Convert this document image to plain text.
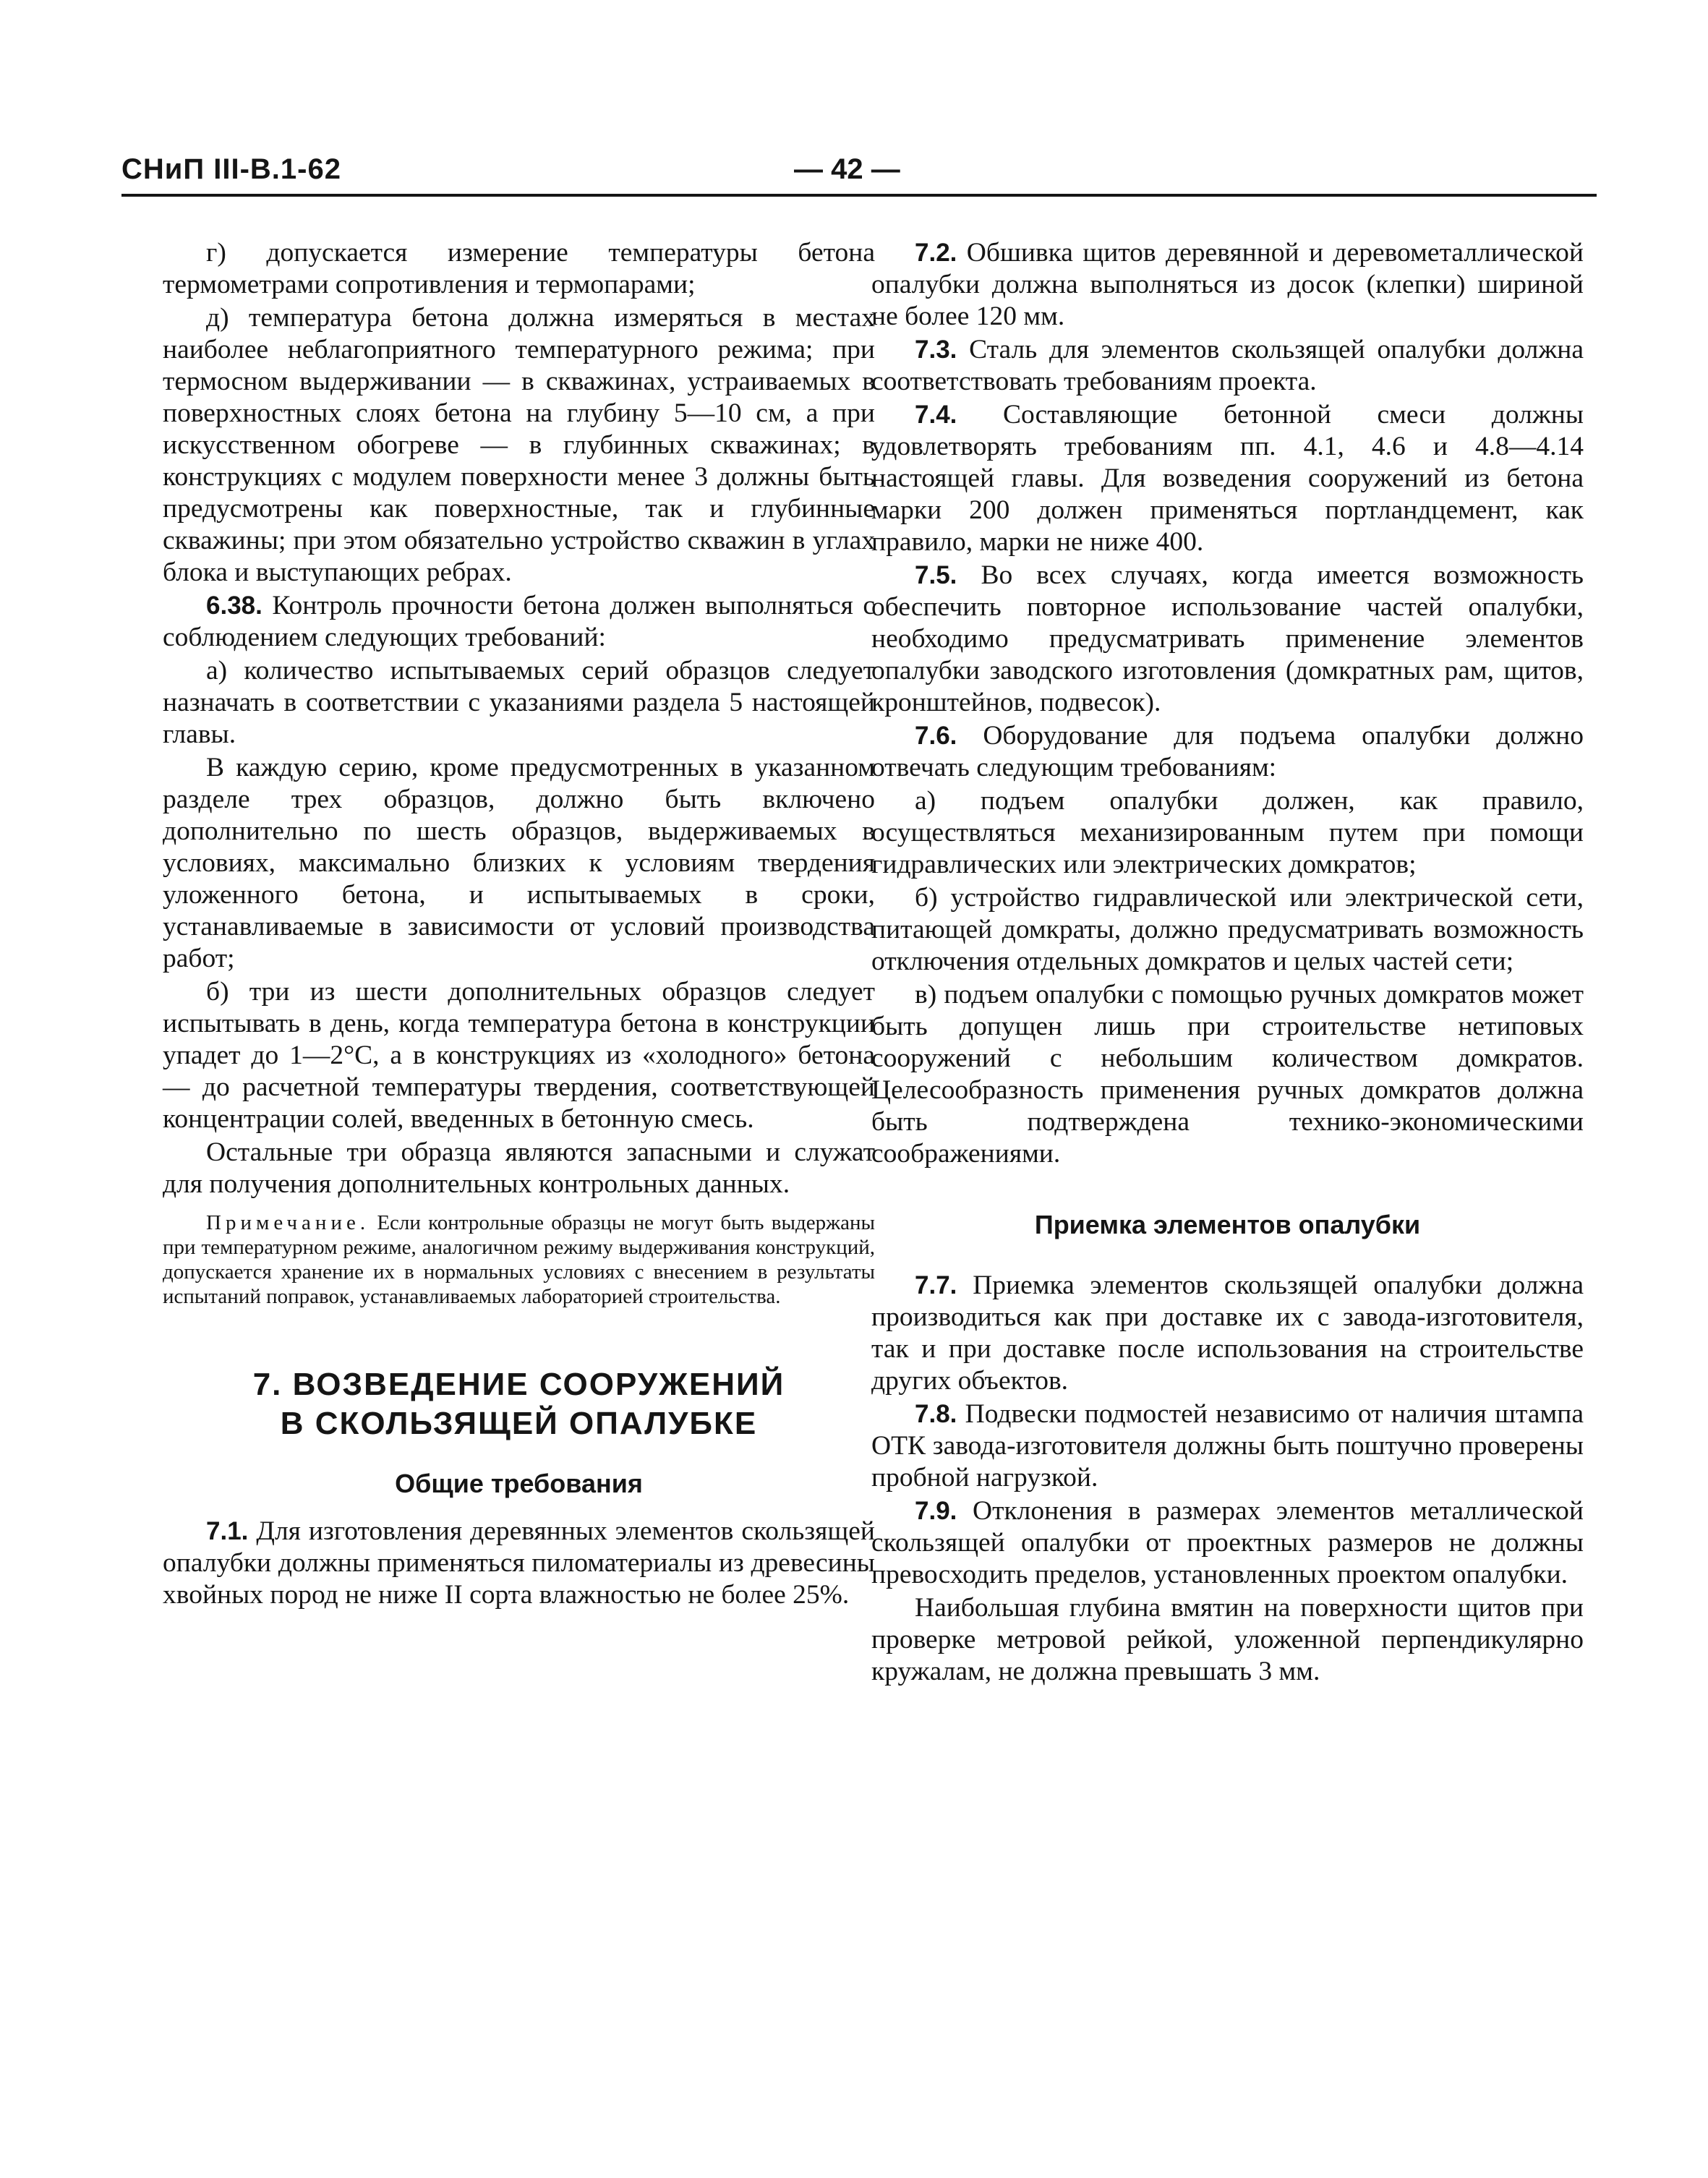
СНиП III-В.1-62	— 42 —

г) допускается измерение температуры бетона термометрами сопротивления и термопарами;

д) температура бетона должна измеряться в местах наиболее неблагоприятного температурного режима; при термосном выдерживании — в скважинах, устраиваемых в поверхностных слоях бетона на глубину 5—10 см, а при искусственном обогреве — в глубинных скважинах; в конструкциях с модулем поверхности менее 3 должны быть предусмотрены как поверхностные, так и глубинные скважины; при этом обязательно устройство скважин в углах блока и выступающих ребрах.

6.38. Контроль прочности бетона должен выполняться с соблюдением следующих требований:

а) количество испытываемых серий образцов следует назначать в соответствии с указаниями раздела 5 настоящей главы.

В каждую серию, кроме предусмотренных в указанном разделе трех образцов, должно быть включено дополнительно по шесть образцов, выдерживаемых в условиях, максимально близких к условиям твердения уложенного бетона, и испытываемых в сроки, устанавливаемые в зависимости от условий производства работ;

б) три из шести дополнительных образцов следует испытывать в день, когда температура бетона в конструкции упадет до 1—2°С, а в конструкциях из «холодного» бетона — до расчетной температуры твердения, соответствующей концентрации солей, введенных в бетонную смесь.

Остальные три образца являются запасными и служат для получения дополнительных контрольных данных.

Примечание. Если контрольные образцы не могут быть выдержаны при температурном режиме, аналогичном режиму выдерживания конструкций, допускается хранение их в нормальных условиях с внесением в результаты испытаний поправок, устанавливаемых лабораторией строительства.

7. ВОЗВЕДЕНИЕ СООРУЖЕНИЙ
В СКОЛЬЗЯЩЕЙ ОПАЛУБКЕ
Общие требования

7.1. Для изготовления деревянных элементов скользящей опалубки должны применяться пиломатериалы из древесины хвойных пород не ниже II сорта влажностью не более 25%.

7.2. Обшивка щитов деревянной и деревометаллической опалубки должна выполняться из досок (клепки) шириной не более 120 мм.

7.3. Сталь для элементов скользящей опалубки должна соответствовать требованиям проекта.

7.4. Составляющие бетонной смеси должны удовлетворять требованиям пп. 4.1, 4.6 и 4.8—4.14 настоящей главы. Для возведения сооружений из бетона марки 200 должен применяться портландцемент, как правило, марки не ниже 400.

7.5. Во всех случаях, когда имеется возможность обеспечить повторное использование частей опалубки, необходимо предусматривать применение элементов опалубки заводского изготовления (домкратных рам, щитов, кронштейнов, подвесок).

7.6. Оборудование для подъема опалубки должно отвечать следующим требованиям:

а) подъем опалубки должен, как правило, осуществляться механизированным путем при помощи гидравлических или электрических домкратов;

б) устройство гидравлической или электрической сети, питающей домкраты, должно предусматривать возможность отключения отдельных домкратов и целых частей сети;

в) подъем опалубки с помощью ручных домкратов может быть допущен лишь при строительстве нетиповых сооружений с небольшим количеством домкратов. Целесообразность применения ручных домкратов должна быть подтверждена технико-экономическими соображениями.

Приемка элементов опалубки

7.7. Приемка элементов скользящей опалубки должна производиться как при доставке их с завода-изготовителя, так и при доставке после использования на строительстве других объектов.

7.8. Подвески подмостей независимо от наличия штампа ОТК завода-изготовителя должны быть поштучно проверены пробной нагрузкой.

7.9. Отклонения в размерах элементов металлической скользящей опалубки от проектных размеров не должны превосходить пределов, установленных проектом опалубки.

Наибольшая глубина вмятин на поверхности щитов при проверке метровой рейкой, уложенной перпендикулярно кружалам, не должна превышать 3 мм.
